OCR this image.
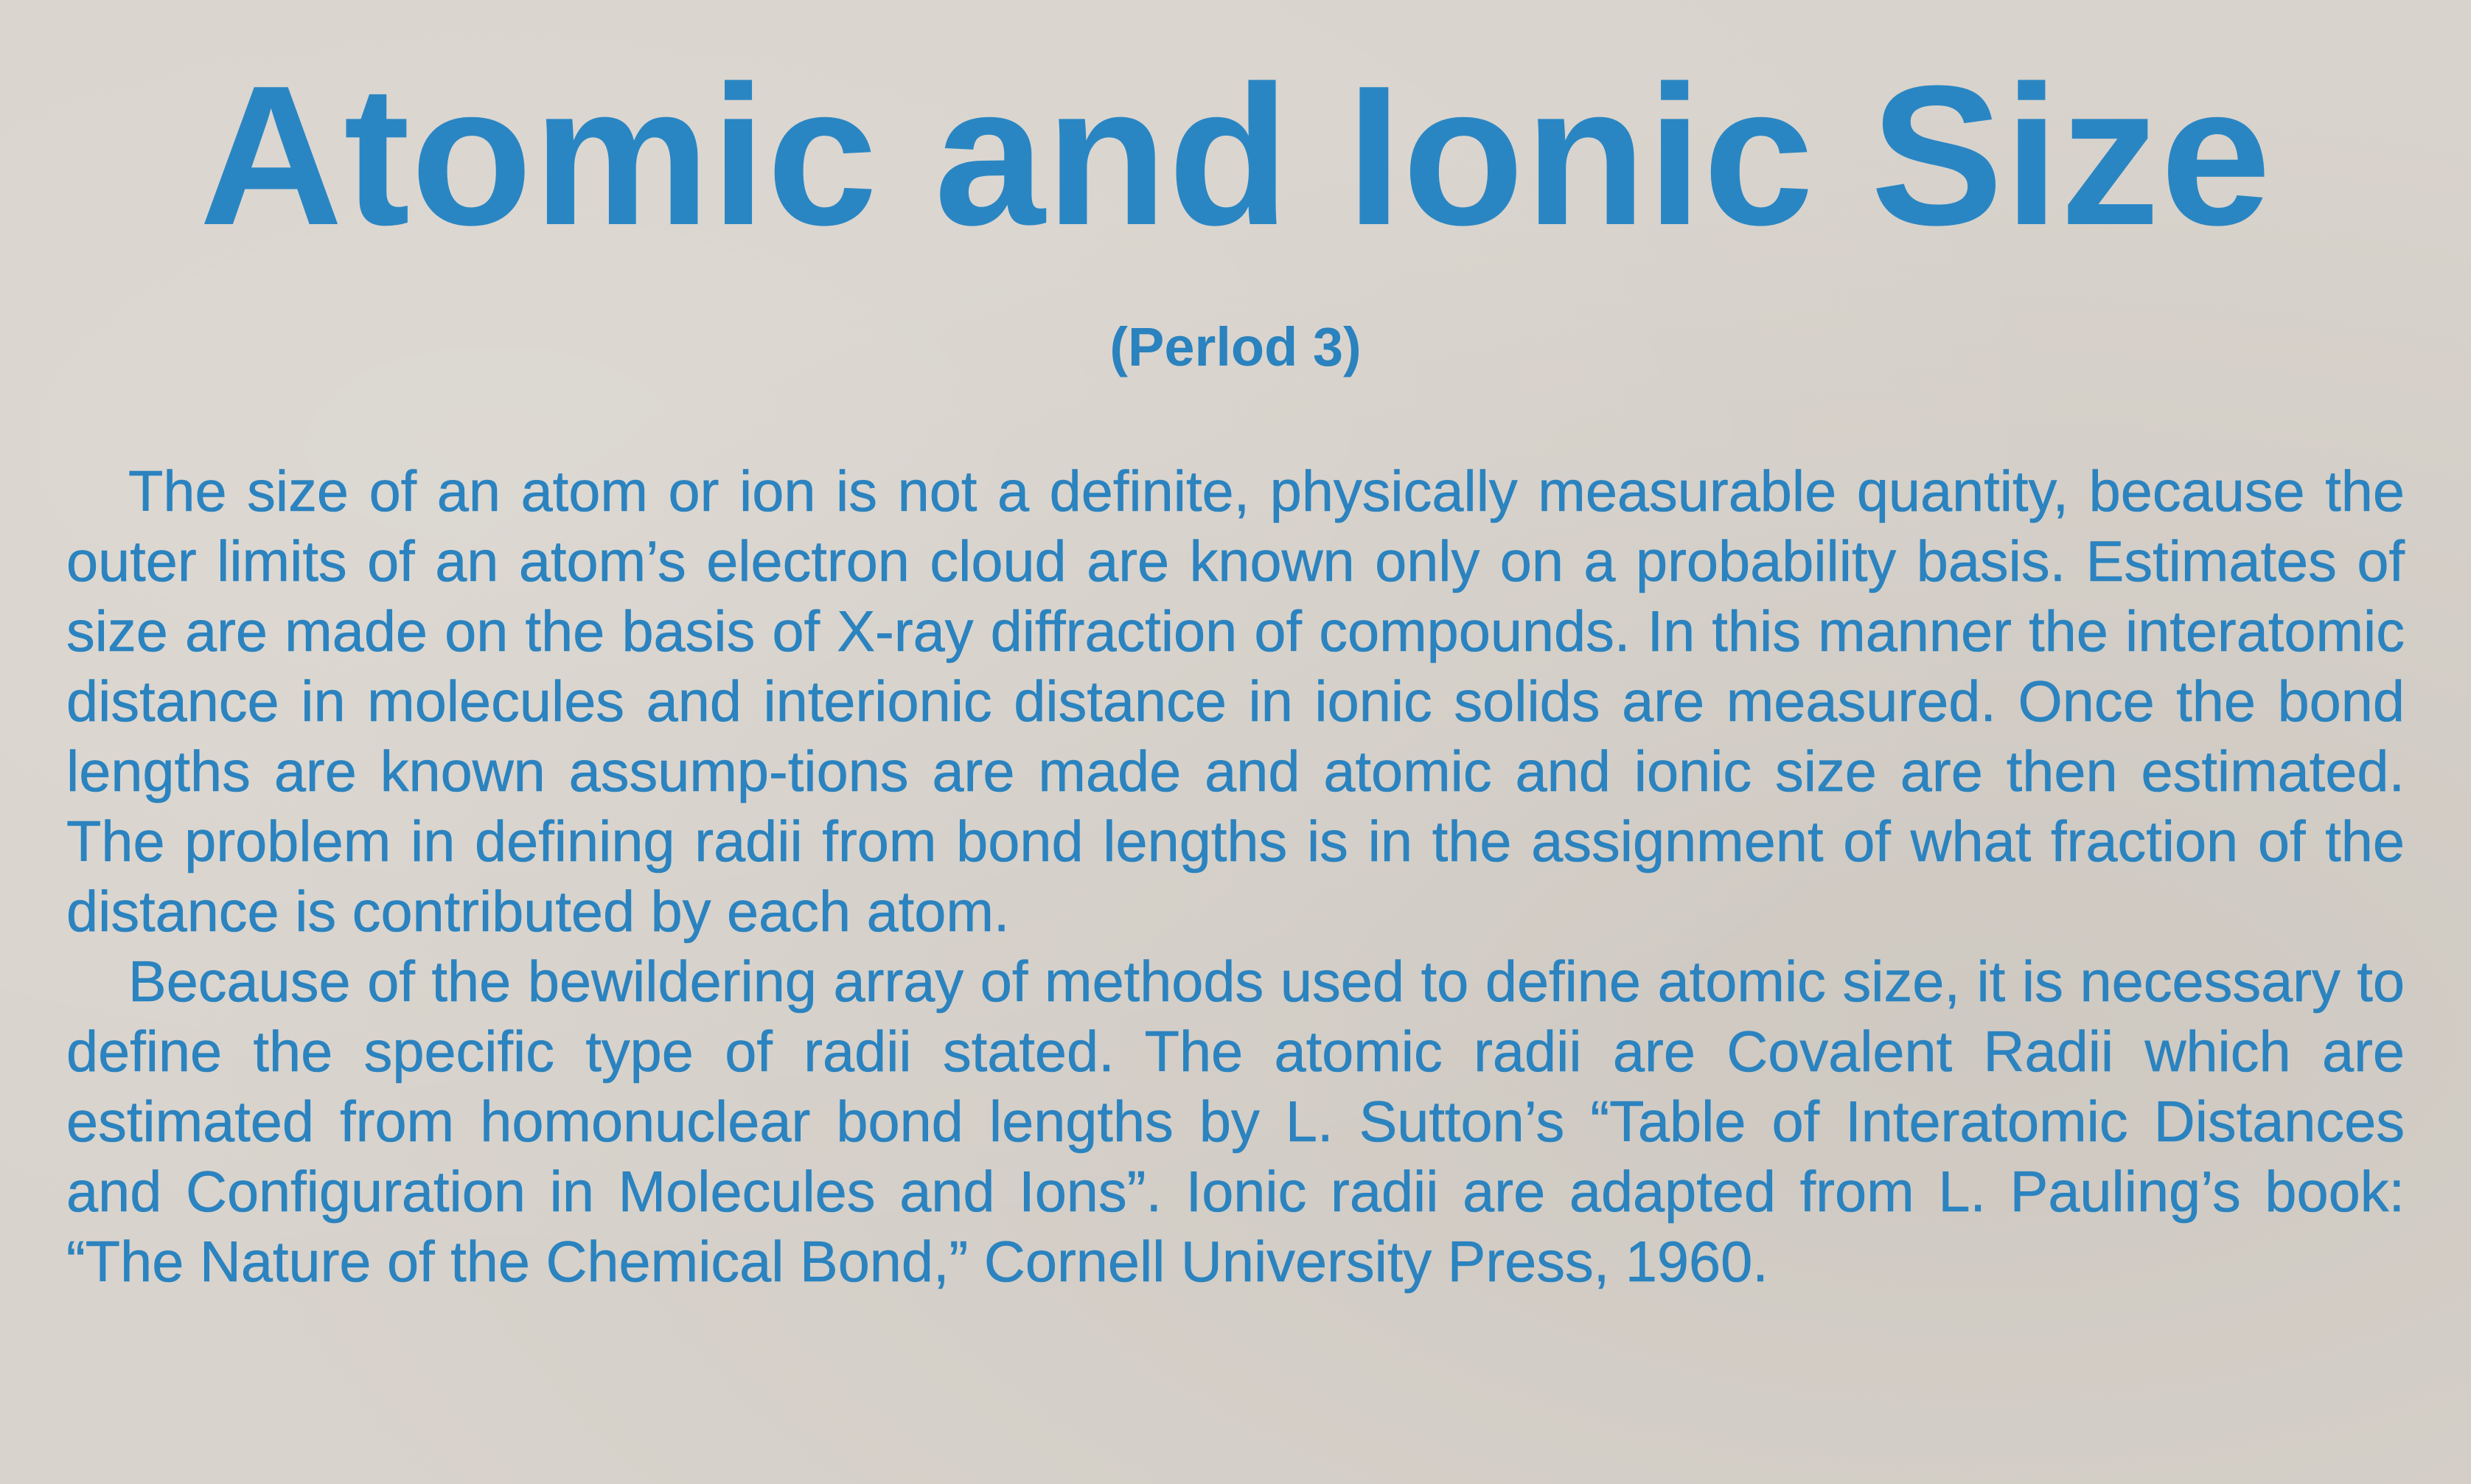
Atomic and Ionic Size
(Perlod 3)

The size of an atom or ion is not a definite, physically measurable quantity, because the outer limits of an atom’s electron cloud are known only on a probability basis. Estimates of size are made on the basis of X-ray diffraction of compounds. In this manner the interatomic distance in molecules and interionic distance in ionic solids are measured. Once the bond lengths are known assump-tions are made and atomic and ionic size are then estimated. The problem in defining radii from bond lengths is in the assignment of what fraction of the distance is contributed by each atom.

Because of the bewildering array of methods used to define atomic size, it is necessary to define the specific type of radii stated. The atomic radii are Covalent Radii which are estimated from homonuclear bond lengths by L. Sutton’s “Table of Interatomic Distances and Configuration in Molecules and Ions”. Ionic radii are adapted from L. Pauling’s book: “The Nature of the Chemical Bond,” Cornell University Press, 1960.
